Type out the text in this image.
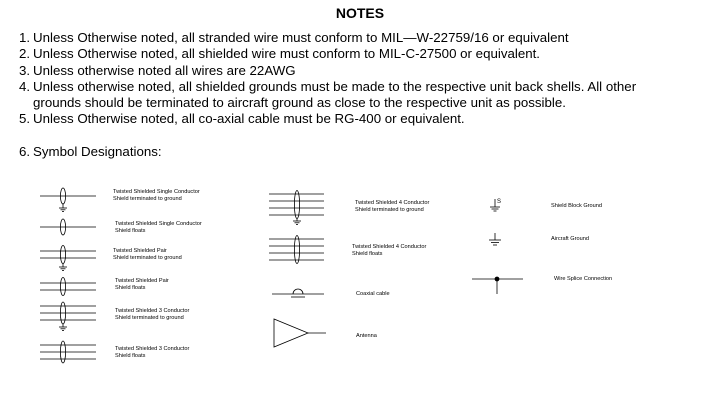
NOTES

1. Unless Otherwise noted, all stranded wire must conform to MIL—W-22759/16 or equivalent

2. Unless Otherwise noted, all shielded wire must conform to MIL-C-27500 or equivalent.

3. Unless otherwise noted all wires are 22AWG

4. Unless otherwise noted, all shielded grounds must be made to the respective unit back shells. All other
grounds should be terminated to aircraft ground as close to the respective unit as possible.

5. Unless Otherwise noted, all co-axial cable must be RG-400 or equivalent.

6. Symbol Designations:

Twisted Shielded Single Conductor
Shield terminated to ground
Twisted Shielded Single Conductor
Shield floats
Twisted Shielded Pair
Shield terminated to ground
Twisted Shielded Pair
Shield floats
Twisted Shielded 3 Conductor
Shield terminated to ground
Twisted Shielded 3 Conductor
Shield floats
Twisted Shielded 4 Conductor
Shield terminated to ground
Twisted Shielded 4 Conductor
Shield floats
Coaxial cable
Antenna
S
Shield Block Ground
Aircraft Ground
Wire Splice Connection
